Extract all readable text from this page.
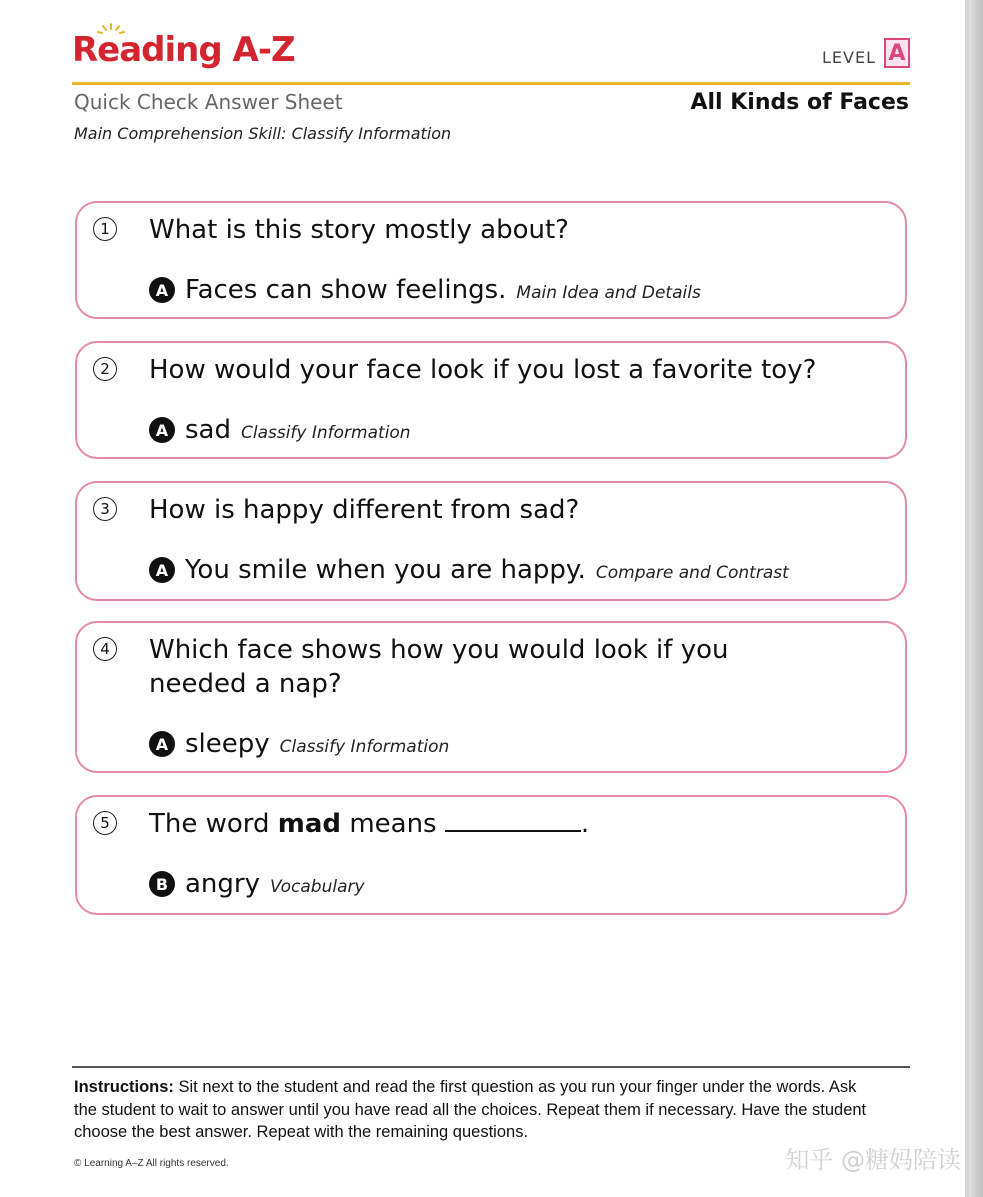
Reading A-Z	LEVEL A
Quick Check Answer Sheet	All Kinds of Faces
Main Comprehension Skill: Classify Information
1 What is this story mostly about?
A Faces can show feelings. Main Idea and Details
2 How would your face look if you lost a favorite toy?
A sad Classify Information
3 How is happy different from sad?
A You smile when you are happy. Compare and Contrast
4 Which face shows how you would look if you
needed a nap?
A sleepy Classify Information
5 The word mad means	.
B angry Vocabulary
Instructions: Sit next to the student and read the first question as you run your finger under the words. Ask the student to wait to answer until you have read all the choices. Repeat them if necessary. Have the student choose the best answer. Repeat with the remaining questions.
© Learning A–Z All rights reserved.	知乎 @糖妈陪读
